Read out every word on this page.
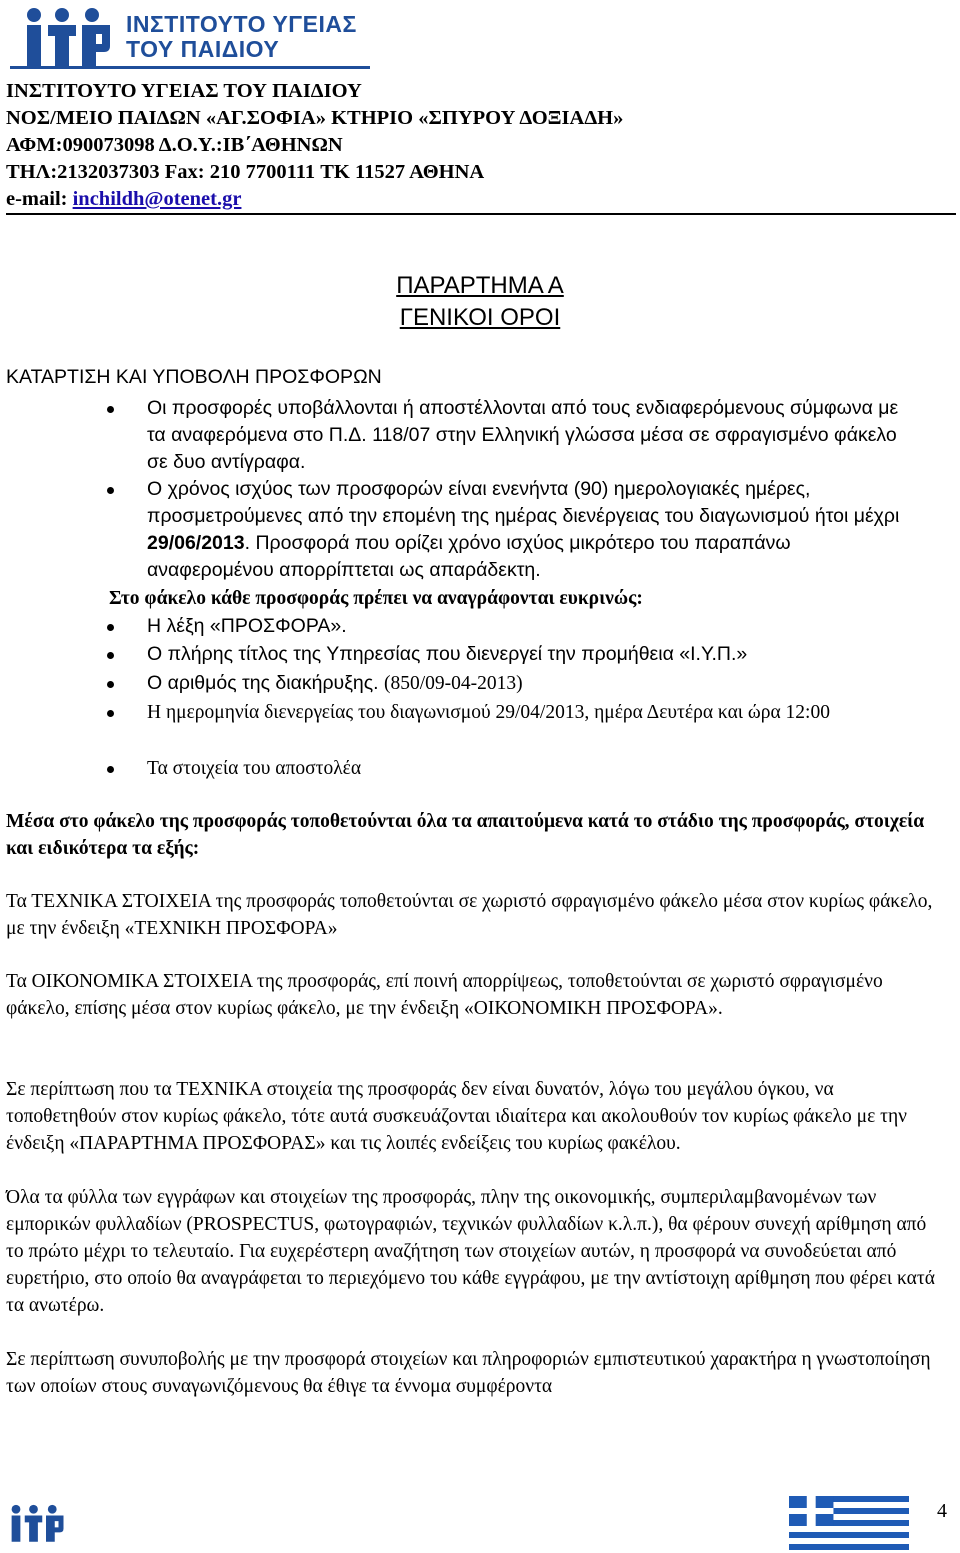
ΙΝΣΤΙΤΟΥΤΟ ΥΓΕΙΑΣ
ΤΟΥ ΠΑΙΔΙΟΥ
ΙΝΣΤΙΤΟΥΤΟ ΥΓΕΙΑΣ ΤΟΥ ΠΑΙΔΙΟΥ
ΝΟΣ/ΜΕΙΟ ΠΑΙΔΩΝ «ΑΓ.ΣΟΦΙΑ» ΚΤΗΡΙΟ «ΣΠΥΡΟΥ ΔΟΞΙΑΔΗ»
ΑΦΜ:090073098 Δ.Ο.Υ.:ΙΒ΄ΑΘΗΝΩΝ
ΤΗΛ:2132037303 Fax: 210 7700111 ΤΚ 11527 ΑΘΗΝΑ
e-mail: inchildh@otenet.gr
ΠΑΡΑΡΤΗΜΑ Α
ΓΕΝΙΚΟΙ ΟΡΟΙ
ΚΑΤΑΡΤΙΣΗ ΚΑΙ ΥΠΟΒΟΛΗ ΠΡΟΣΦΟΡΩΝ
Οι προσφορές υποβάλλονται ή αποστέλλονται από τους ενδιαφερόμενους σύμφωνα με τα αναφερόμενα στο Π.Δ. 118/07 στην Ελληνική γλώσσα μέσα σε σφραγισμένο φάκελο σε δυο αντίγραφα.
Ο χρόνος ισχύος των προσφορών είναι ενενήντα (90) ημερολογιακές ημέρες, προσμετρούμενες από την επομένη της ημέρας διενέργειας του διαγωνισμού ήτοι μέχρι 29/06/2013. Προσφορά που ορίζει χρόνο ισχύος μικρότερο του παραπάνω αναφερομένου απορρίπτεται ως απαράδεκτη.
Στο φάκελο κάθε προσφοράς πρέπει να αναγράφονται ευκρινώς:
Η λέξη «ΠΡΟΣΦΟΡΑ».
Ο πλήρης τίτλος της Υπηρεσίας που διενεργεί την προμήθεια «Ι.Υ.Π.»
Ο αριθμός της διακήρυξης. (850/09-04-2013)
Η ημερομηνία διενεργείας του διαγωνισμού 29/04/2013, ημέρα Δευτέρα και ώρα 12:00
Τα στοιχεία του αποστολέα
Μέσα στο φάκελο της προσφοράς τοποθετούνται όλα τα απαιτούμενα κατά το στάδιο της προσφοράς, στοιχεία και ειδικότερα τα εξής:
Τα ΤΕΧΝΙΚΑ ΣΤΟΙΧΕΙΑ της προσφοράς τοποθετούνται σε χωριστό σφραγισμένο φάκελο μέσα στον κυρίως φάκελο, με την ένδειξη «ΤΕΧΝΙΚΗ ΠΡΟΣΦΟΡΑ»
Τα ΟΙΚΟΝΟΜΙΚΑ ΣΤΟΙΧΕΙΑ της προσφοράς, επί ποινή απορρίψεως, τοποθετούνται σε χωριστό σφραγισμένο φάκελο, επίσης μέσα στον κυρίως φάκελο, με την ένδειξη «ΟΙΚΟΝΟΜΙΚΗ ΠΡΟΣΦΟΡΑ».
Σε περίπτωση που τα ΤΕΧΝΙΚΑ στοιχεία της προσφοράς δεν είναι δυνατόν, λόγω του μεγάλου όγκου, να τοποθετηθούν στον κυρίως φάκελο, τότε αυτά συσκευάζονται ιδιαίτερα και ακολουθούν τον κυρίως φάκελο με την ένδειξη «ΠΑΡΑΡΤΗΜΑ ΠΡΟΣΦΟΡΑΣ» και τις λοιπές ενδείξεις του κυρίως φακέλου.
Όλα τα φύλλα των εγγράφων και στοιχείων της προσφοράς, πλην της οικονομικής, συμπεριλαμβανομένων των εμπορικών φυλλαδίων (PROSPECTUS, φωτογραφιών, τεχνικών φυλλαδίων κ.λ.π.), θα φέρουν συνεχή αρίθμηση από το πρώτο μέχρι το τελευταίο. Για ευχερέστερη αναζήτηση των στοιχείων αυτών, η προσφορά να συνοδεύεται από ευρετήριο, στο οποίο θα αναγράφεται το περιεχόμενο του κάθε εγγράφου, με την αντίστοιχη αρίθμηση που φέρει κατά τα ανωτέρω.
Σε περίπτωση συνυποβολής με την προσφορά στοιχείων και πληροφοριών εμπιστευτικού χαρακτήρα η γνωστοποίηση των οποίων στους συναγωνιζόμενους θα έθιγε τα έννομα συμφέροντα
4
